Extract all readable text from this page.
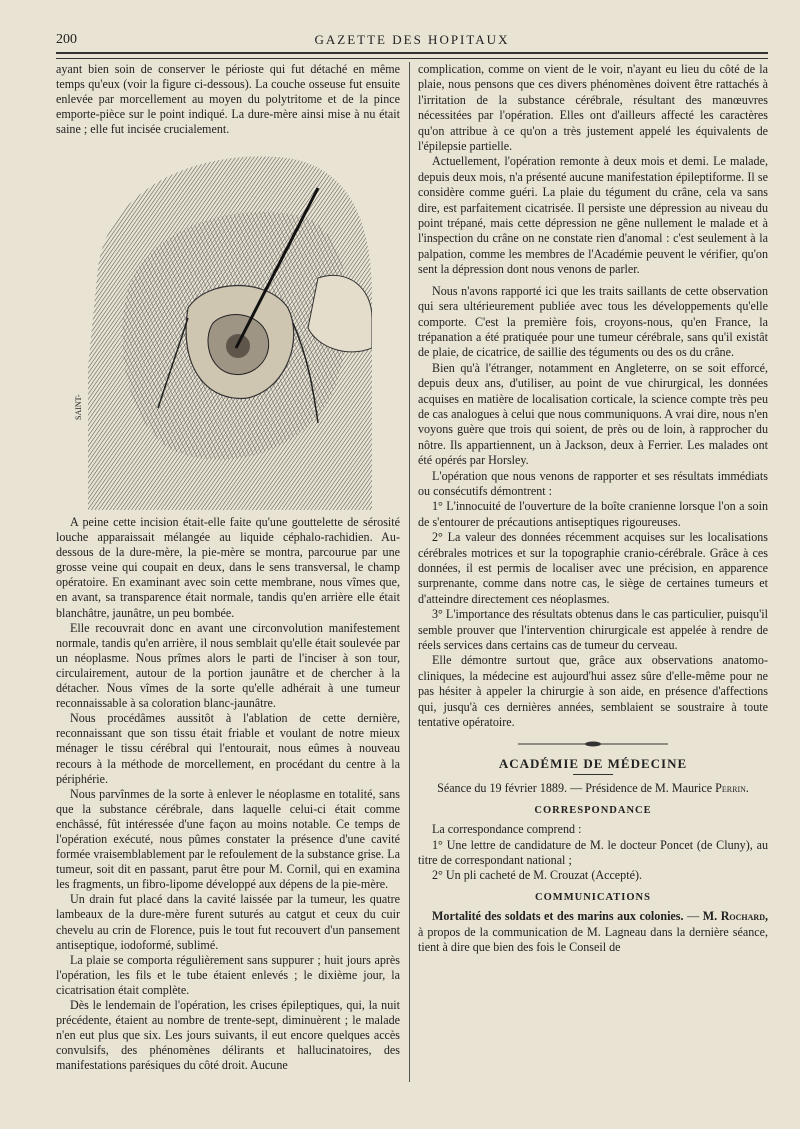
200	GAZETTE DES HOPITAUX

ayant bien soin de conserver le périoste qui fut détaché en même temps qu'eux (voir la figure ci-dessous). La couche osseuse fut ensuite enlevée par morcellement au moyen du polytritome et de la pince emporte-pièce sur le point indiqué. La dure-mère ainsi mise à nu était saine ; elle fut incisée crucialement.

SAINT-

A peine cette incision était-elle faite qu'une gouttelette de sérosité louche apparaissait mélangée au liquide céphalo-rachidien. Au-dessous de la dure-mère, la pie-mère se montra, parcourue par une grosse veine qui coupait en deux, dans le sens transversal, le champ opératoire. En examinant avec soin cette membrane, nous vîmes que, en avant, sa transparence était normale, tandis qu'en arrière elle était blanchâtre, jaunâtre, un peu bombée.

Elle recouvrait donc en avant une circonvolution manifestement normale, tandis qu'en arrière, il nous semblait qu'elle était soulevée par un néoplasme. Nous prîmes alors le parti de l'inciser à son tour, circulairement, autour de la portion jaunâtre et de chercher à la détacher. Nous vîmes de la sorte qu'elle adhérait à une tumeur reconnaissable à sa coloration blanc-jaunâtre.

Nous procédâmes aussitôt à l'ablation de cette dernière, reconnaissant que son tissu était friable et voulant de notre mieux ménager le tissu cérébral qui l'entourait, nous eûmes à nouveau recours à la méthode de morcellement, en procédant du centre à la périphérie.

Nous parvînmes de la sorte à enlever le néoplasme en totalité, sans que la substance cérébrale, dans laquelle celui-ci était comme enchâssé, fût intéressée d'une façon au moins notable. Ce temps de l'opération exécuté, nous pûmes constater la présence d'une cavité formée vraisemblablement par le refoulement de la substance grise. La tumeur, soit dit en passant, parut être pour M. Cornil, qui en examina les fragments, un fibro-lipome développé aux dépens de la pie-mère.

Un drain fut placé dans la cavité laissée par la tumeur, les quatre lambeaux de la dure-mère furent suturés au catgut et ceux du cuir chevelu au crin de Florence, puis le tout fut recouvert d'un pansement antiseptique, iodoformé, sublimé.

La plaie se comporta régulièrement sans suppurer ; huit jours après l'opération, les fils et le tube étaient enlevés ; le dixième jour, la cicatrisation était complète.

Dès le lendemain de l'opération, les crises épileptiques, qui, la nuit précédente, étaient au nombre de trente-sept, diminuèrent ; le malade n'en eut plus que six. Les jours suivants, il eut encore quelques accès convulsifs, des phénomènes délirants et hallucinatoires, des manifestations parésiques du côté droit. Aucune

complication, comme on vient de le voir, n'ayant eu lieu du côté de la plaie, nous pensons que ces divers phénomènes doivent être rattachés à l'irritation de la substance cérébrale, résultant des manœuvres nécessitées par l'opération. Elles ont d'ailleurs affecté les caractères qu'on attribue à ce qu'on a très justement appelé les équivalents de l'épilepsie partielle.

Actuellement, l'opération remonte à deux mois et demi. Le malade, depuis deux mois, n'a présenté aucune manifestation épileptiforme. Il se considère comme guéri. La plaie du tégument du crâne, cela va sans dire, est parfaitement cicatrisée. Il persiste une dépression au niveau du point trépané, mais cette dépression ne gêne nullement le malade et à l'inspection du crâne on ne constate rien d'anomal : c'est seulement à la palpation, comme les membres de l'Académie peuvent le vérifier, qu'on sent la dépression dont nous venons de parler.

Nous n'avons rapporté ici que les traits saillants de cette observation qui sera ultérieurement publiée avec tous les développements qu'elle comporte. C'est la première fois, croyons-nous, qu'en France, la trépanation a été pratiquée pour une tumeur cérébrale, sans qu'il existât de plaie, de cicatrice, de saillie des téguments ou des os du crâne.

Bien qu'à l'étranger, notamment en Angleterre, on se soit efforcé, depuis deux ans, d'utiliser, au point de vue chirurgical, les données acquises en matière de localisation corticale, la science compte très peu de cas analogues à celui que nous communiquons. A vrai dire, nous n'en voyons guère que trois qui soient, de près ou de loin, à rapprocher du nôtre. Ils appartiennent, un à Jackson, deux à Ferrier. Les malades ont été opérés par Horsley.

L'opération que nous venons de rapporter et ses résultats immédiats ou consécutifs démontrent :

1° L'innocuité de l'ouverture de la boîte cranienne lorsque l'on a soin de s'entourer de précautions antiseptiques rigoureuses.

2° La valeur des données récemment acquises sur les localisations cérébrales motrices et sur la topographie cranio-cérébrale. Grâce à ces données, il est permis de localiser avec une précision, en apparence surprenante, comme dans notre cas, le siège de certaines tumeurs et d'atteindre directement ces néoplasmes.

3° L'importance des résultats obtenus dans le cas particulier, puisqu'il semble prouver que l'intervention chirurgicale est appelée à rendre de réels services dans certains cas de tumeur du cerveau.

Elle démontre surtout que, grâce aux observations anatomo-cliniques, la médecine est aujourd'hui assez sûre d'elle-même pour ne pas hésiter à appeler la chirurgie à son aide, en présence d'affections qui, jusqu'à ces dernières années, semblaient se soustraire à toute tentative opératoire.

ACADÉMIE DE MÉDECINE

Séance du 19 février 1889. — Présidence de M. Maurice Perrin.

CORRESPONDANCE

La correspondance comprend :

1° Une lettre de candidature de M. le docteur Poncet (de Cluny), au titre de correspondant national ;

2° Un pli cacheté de M. Crouzat (Accepté).

COMMUNICATIONS

Mortalité des soldats et des marins aux colonies. — M. Rochard, à propos de la communication de M. Lagneau dans la dernière séance, tient à dire que bien des fois le Conseil de
